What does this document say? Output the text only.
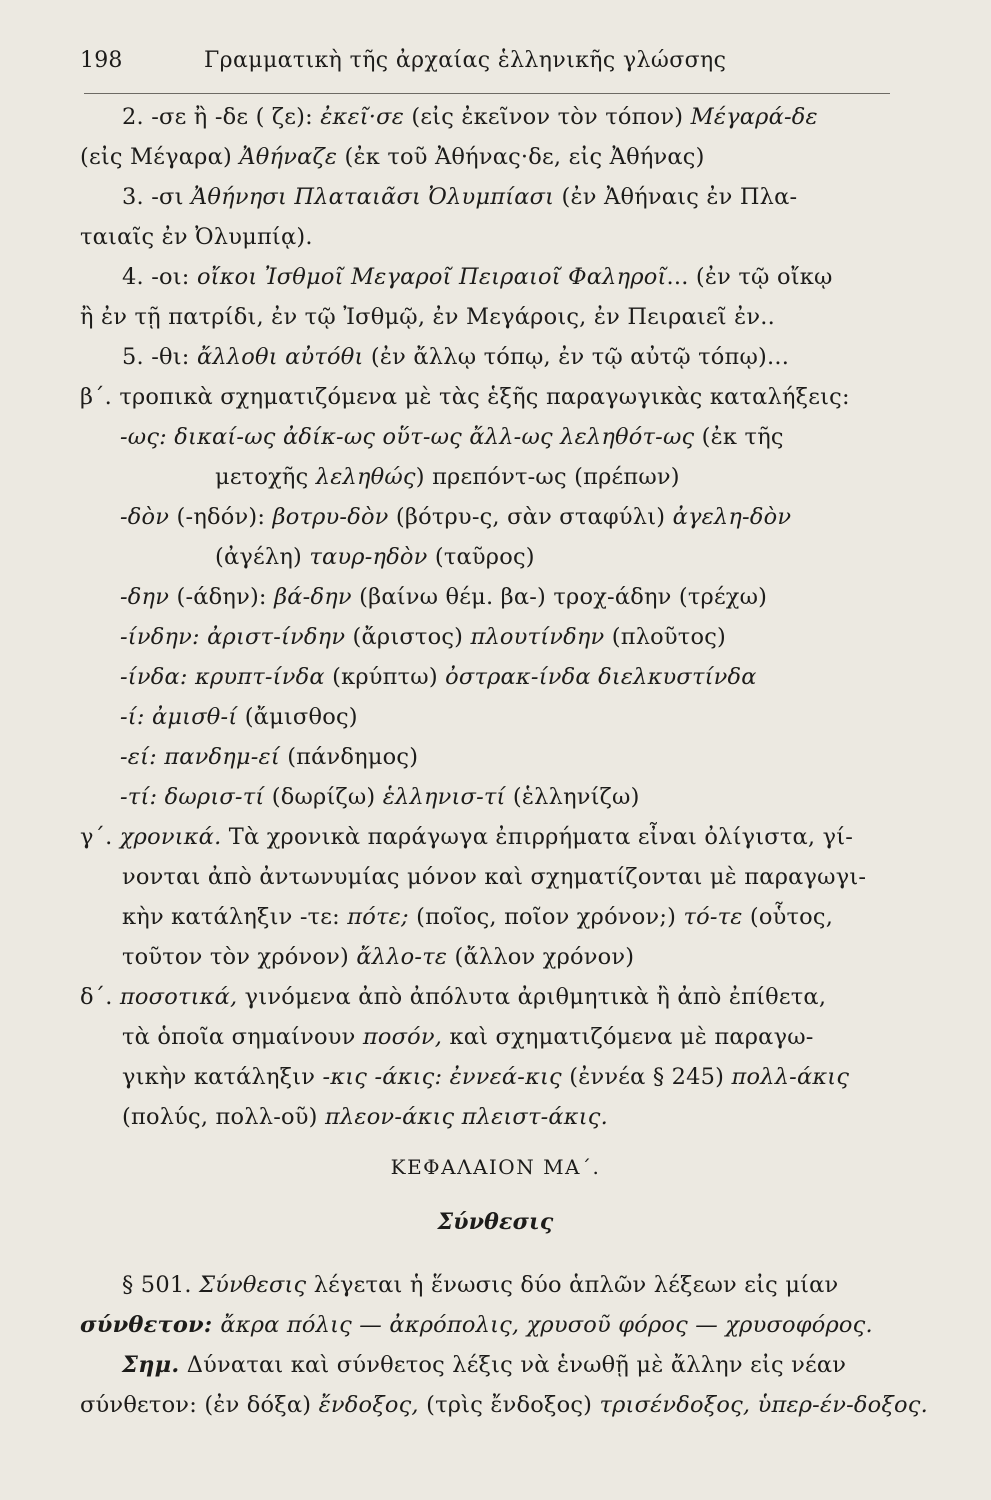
198	Γραμματικὴ τῆς ἀρχαίας ἑλληνικῆς γλώσσης
2. -σε ἢ -δε ( ζε): ἐκεῖ·σε (εἰς ἐκεῖνον τὸν τόπον) Μέγαρά-δε
(εἰς Μέγαρα) Ἀθήναζε (ἐκ τοῦ Ἀθήνας·δε, εἰς Ἀθήνας)
3. -σι Ἀθήνησι Πλαταιᾶσι Ὀλυμπίασι (ἐν Ἀθήναις ἐν Πλα-
ταιαῖς ἐν Ὀλυμπίᾳ).
4. -οι: οἴκοι Ἰσθμοῖ Μεγαροῖ Πειραιοῖ Φαληροῖ... (ἐν τῷ οἴκῳ
ἢ ἐν τῇ πατρίδι, ἐν τῷ Ἰσθμῷ, ἐν Μεγάροις, ἐν Πειραιεῖ ἐν..
5. -θι: ἄλλοθι αὐτόθι (ἐν ἄλλῳ τόπῳ, ἐν τῷ αὐτῷ τόπῳ)...
β´. τροπικὰ σχηματιζόμενα μὲ τὰς ἑξῆς παραγωγικὰς καταλήξεις:
-ως: δικαί-ως ἀδίκ-ως οὕτ-ως ἄλλ-ως λεληθότ-ως (ἐκ τῆς
μετοχῆς λεληθώς) πρεπόντ-ως (πρέπων)
-δὸν (-ηδόν): βοτρυ-δὸν (βότρυ-ς, σὰν σταφύλι) ἀγελη-δὸν
(ἀγέλη) ταυρ-ηδὸν (ταῦρος)
-δην (-άδην): βά-δην (βαίνω θέμ. βα-) τροχ-άδην (τρέχω)
-ίνδην: ἀριστ-ίνδην (ἄριστος) πλουτίνδην (πλοῦτος)
-ίνδα: κρυπτ-ίνδα (κρύπτω) ὀστρακ-ίνδα διελκυστίνδα
-ί: ἀμισθ-ί (ἄμισθος)
-εί: πανδημ-εί (πάνδημος)
-τί: δωρισ-τί (δωρίζω) ἑλληνισ-τί (ἑλληνίζω)
γ´. χρονικά. Τὰ χρονικὰ παράγωγα ἐπιρρήματα εἶναι ὀλίγιστα, γί-
νονται ἀπὸ ἀντωνυμίας μόνον καὶ σχηματίζονται μὲ παραγωγι-
κὴν κατάληξιν -τε: πότε; (ποῖος, ποῖον χρόνον;) τό-τε (οὗτος,
τοῦτον τὸν χρόνον) ἄλλο-τε (ἄλλον χρόνον)
δ´. ποσοτικά, γινόμενα ἀπὸ ἀπόλυτα ἀριθμητικὰ ἢ ἀπὸ ἐπίθετα,
τὰ ὁποῖα σημαίνουν ποσόν, καὶ σχηματιζόμενα μὲ παραγω-
γικὴν κατάληξιν -κις -άκις: ἐννεά-κις (ἐννέα § 245) πολλ-άκις
(πολύς, πολλ-οῦ) πλεον-άκις πλειστ-άκις.
§ 501. Σύνθεσις λέγεται ἡ ἕνωσις δύο ἁπλῶν λέξεων εἰς μίαν
σύνθετον: ἄκρα πόλις — ἀκρόπολις, χρυσοῦ φόρος — χρυσοφόρος.
Σημ. Δύναται καὶ σύνθετος λέξις νὰ ἑνωθῇ μὲ ἄλλην εἰς νέαν
σύνθετον: (ἐν δόξα) ἔνδοξος, (τρὶς ἔνδοξος) τρισένδοξος, ὑπερ-έν-δοξος.
ΚΕΦΑΛΑΙΟΝ ΜΑ´.
Σύνθεσις
